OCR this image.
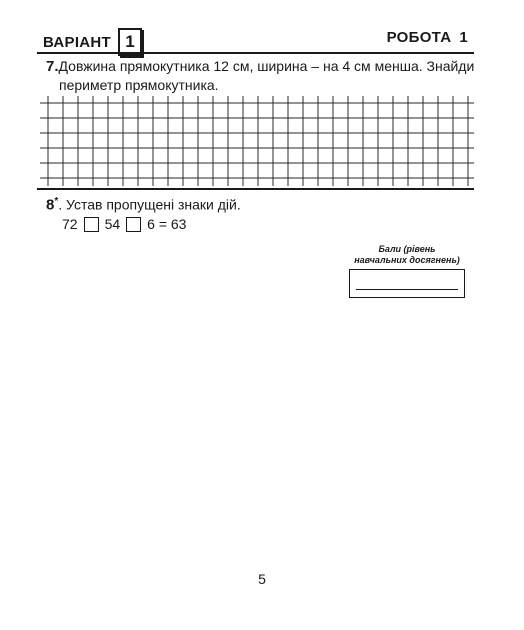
ВАРІАНТ 1	РОБОТА 1
7.Довжина прямокутника 12 см, ширина – на 4 см менша. Знайди
периметр прямокутника.
8*. Устав пропущені знаки дій.
72 54 6 = 63
Бали (рівень
навчальних досягнень)
5
